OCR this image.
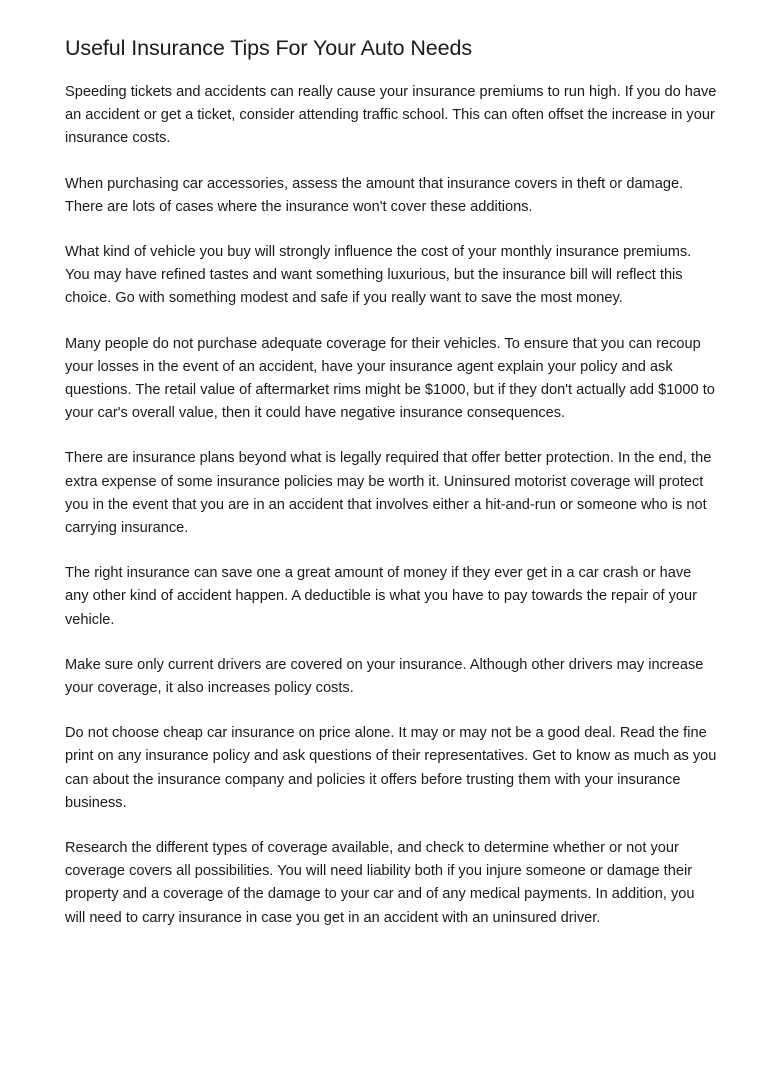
Useful Insurance Tips For Your Auto Needs

Speeding tickets and accidents can really cause your insurance premiums to run high. If you do have an accident or get a ticket, consider attending traffic school. This can often offset the increase in your insurance costs.

When purchasing car accessories, assess the amount that insurance covers in theft or damage. There are lots of cases where the insurance won't cover these additions.

What kind of vehicle you buy will strongly influence the cost of your monthly insurance premiums. You may have refined tastes and want something luxurious, but the insurance bill will reflect this choice. Go with something modest and safe if you really want to save the most money.

Many people do not purchase adequate coverage for their vehicles. To ensure that you can recoup your losses in the event of an accident, have your insurance agent explain your policy and ask questions. The retail value of aftermarket rims might be $1000, but if they don't actually add $1000 to your car's overall value, then it could have negative insurance consequences.

There are insurance plans beyond what is legally required that offer better protection. In the end, the extra expense of some insurance policies may be worth it. Uninsured motorist coverage will protect you in the event that you are in an accident that involves either a hit-and-run or someone who is not carrying insurance.

The right insurance can save one a great amount of money if they ever get in a car crash or have any other kind of accident happen. A deductible is what you have to pay towards the repair of your vehicle.

Make sure only current drivers are covered on your insurance. Although other drivers may increase your coverage, it also increases policy costs.

Do not choose cheap car insurance on price alone. It may or may not be a good deal. Read the fine print on any insurance policy and ask questions of their representatives. Get to know as much as you can about the insurance company and policies it offers before trusting them with your insurance business.

Research the different types of coverage available, and check to determine whether or not your coverage covers all possibilities. You will need liability both if you injure someone or damage their property and a coverage of the damage to your car and of any medical payments. In addition, you will need to carry insurance in case you get in an accident with an uninsured driver.
